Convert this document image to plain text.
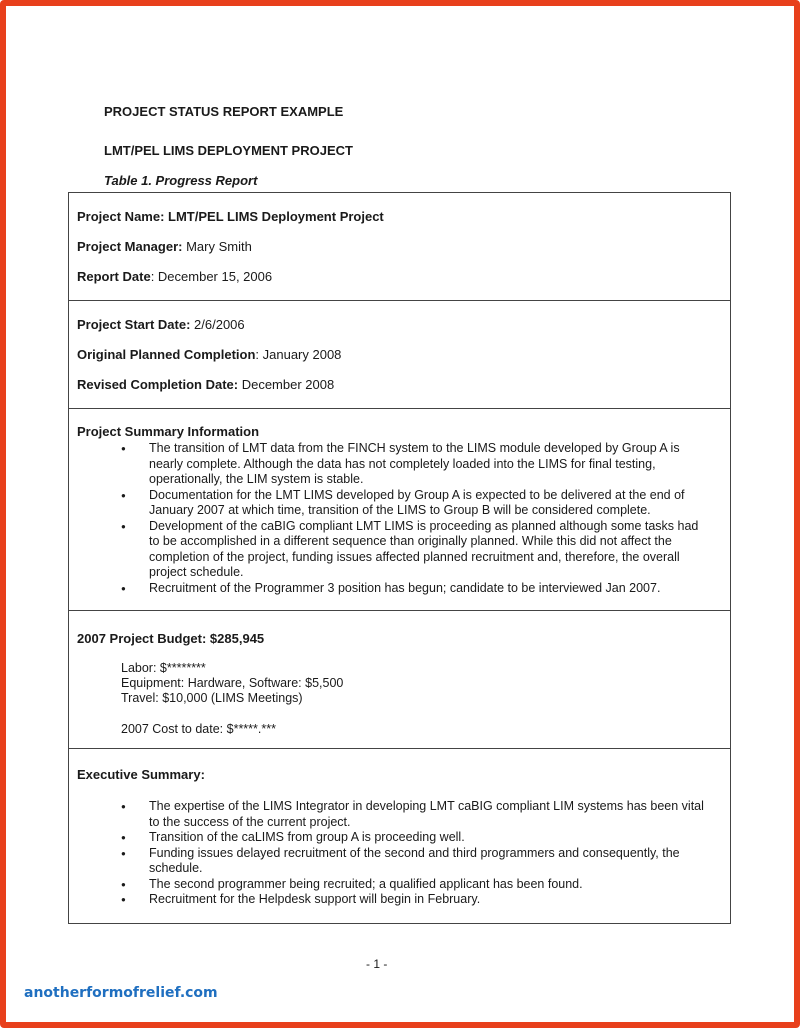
PROJECT STATUS REPORT EXAMPLE
LMT/PEL LIMS DEPLOYMENT PROJECT
Table 1. Progress Report
Project Name: LMT/PEL LIMS Deployment Project
Project Manager: Mary Smith
Report Date: December 15, 2006
Project Start Date: 2/6/2006
Original Planned Completion: January 2008
Revised Completion Date: December 2008
Project Summary Information
● The transition of LMT data from the FINCH system to the LIMS module developed by Group A is nearly complete. Although the data has not completely loaded into the LIMS for final testing, operationally, the LIM system is stable.
● Documentation for the LMT LIMS developed by Group A is expected to be delivered at the end of January 2007 at which time, transition of the LIMS to Group B will be considered complete.
● Development of the caBIG compliant LMT LIMS is proceeding as planned although some tasks had to be accomplished in a different sequence than originally planned. While this did not affect the completion of the project, funding issues affected planned recruitment and, therefore, the overall project schedule.
● Recruitment of the Programmer 3 position has begun; candidate to be interviewed Jan 2007.
2007 Project Budget: $285,945
Labor: $********
Equipment: Hardware, Software: $5,500
Travel: $10,000 (LIMS Meetings)
2007 Cost to date: $*****.***
Executive Summary:
● The expertise of the LIMS Integrator in developing LMT caBIG compliant LIM systems has been vital to the success of the current project.
● Transition of the caLIMS from group A is proceeding well.
● Funding issues delayed recruitment of the second and third programmers and consequently, the schedule.
● The second programmer being recruited; a qualified applicant has been found.
● Recruitment for the Helpdesk support will begin in February.
- 1 -
anotherformofrelief.com
